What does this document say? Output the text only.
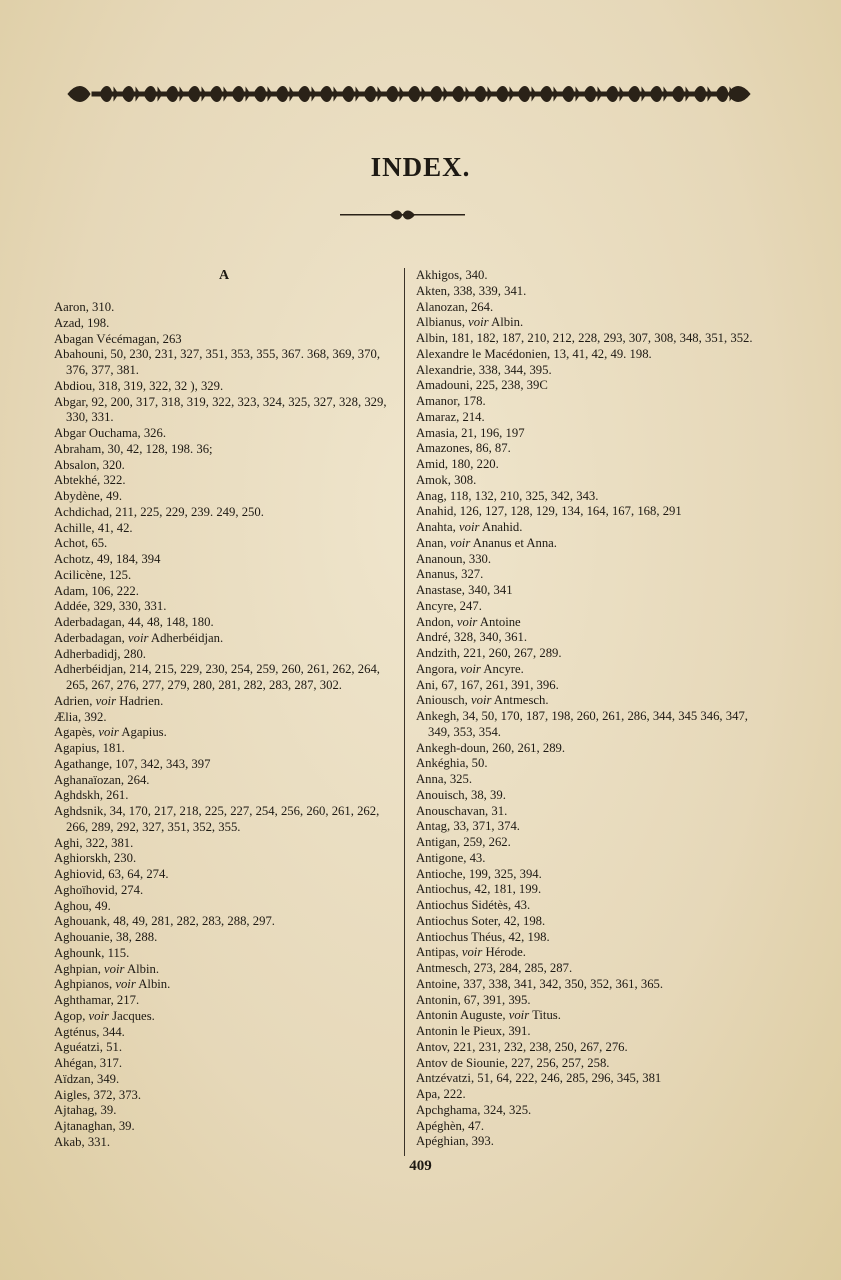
INDEX.
A
Aaron, 310.
Azad, 198.
Abagan Vécémagan, 263
Abahouni, 50, 230, 231, 327, 351, 353, 355, 367. 368, 369, 370, 376, 377, 381.
Abdiou, 318, 319, 322, 32 ), 329.
Abgar, 92, 200, 317, 318, 319, 322, 323, 324, 325, 327, 328, 329, 330, 331.
Abgar Ouchama, 326.
Abraham, 30, 42, 128, 198. 36;
Absalon, 320.
Abtekhé, 322.
Abydène, 49.
Achdichad, 211, 225, 229, 239. 249, 250.
Achille, 41, 42.
Achot, 65.
Achotz, 49, 184, 394
Acilicène, 125.
Adam, 106, 222.
Addée, 329, 330, 331.
Aderbadagan, 44, 48, 148, 180.
Aderbadagan, voir Adherbéidjan.
Adherbadidj, 280.
Adherbéidjan, 214, 215, 229, 230, 254, 259, 260, 261, 262, 264, 265, 267, 276, 277, 279, 280, 281, 282, 283, 287, 302.
Adrien, voir Hadrien.
Ælia, 392.
Agapès, voir Agapius.
Agapius, 181.
Agathange, 107, 342, 343, 397
Aghanaïozan, 264.
Aghdskh, 261.
Aghdsnik, 34, 170, 217, 218, 225, 227, 254, 256, 260, 261, 262, 266, 289, 292, 327, 351, 352, 355.
Aghi, 322, 381.
Aghiorskh, 230.
Aghiovid, 63, 64, 274.
Aghoïhovid, 274.
Aghou, 49.
Aghouank, 48, 49, 281, 282, 283, 288, 297.
Aghouanie, 38, 288.
Aghounk, 115.
Aghpian, voir Albin.
Aghpianos, voir Albin.
Aghthamar, 217.
Agop, voir Jacques.
Agténus, 344.
Aguéatzi, 51.
Ahégan, 317.
Aïdzan, 349.
Aigles, 372, 373.
Ajtahag, 39.
Ajtanaghan, 39.
Akab, 331.
Akhigos, 340.
Akten, 338, 339, 341.
Alanozan, 264.
Albianus, voir Albin.
Albin, 181, 182, 187, 210, 212, 228, 293, 307, 308, 348, 351, 352.
Alexandre le Macédonien, 13, 41, 42, 49. 198.
Alexandrie, 338, 344, 395.
Amadouni, 225, 238, 39C
Amanor, 178.
Amaraz, 214.
Amasia, 21, 196, 197
Amazones, 86, 87.
Amid, 180, 220.
Amok, 308.
Anag, 118, 132, 210, 325, 342, 343.
Anahid, 126, 127, 128, 129, 134, 164, 167, 168, 291
Anahta, voir Anahid.
Anan, voir Ananus et Anna.
Ananoun, 330.
Ananus, 327.
Anastase, 340, 341
Ancyre, 247.
Andon, voir Antoine
André, 328, 340, 361.
Andzith, 221, 260, 267, 289.
Angora, voir Ancyre.
Ani, 67, 167, 261, 391, 396.
Aniousch, voir Antmesch.
Ankegh, 34, 50, 170, 187, 198, 260, 261, 286, 344, 345 346, 347, 349, 353, 354.
Ankegh-doun, 260, 261, 289.
Ankéghia, 50.
Anna, 325.
Anouisch, 38, 39.
Anouschavan, 31.
Antag, 33, 371, 374.
Antigan, 259, 262.
Antigone, 43.
Antioche, 199, 325, 394.
Antiochus, 42, 181, 199.
Antiochus Sidétès, 43.
Antiochus Soter, 42, 198.
Antiochus Théus, 42, 198.
Antipas, voir Hérode.
Antmesch, 273, 284, 285, 287.
Antoine, 337, 338, 341, 342, 350, 352, 361, 365.
Antonin, 67, 391, 395.
Antonin Auguste, voir Titus.
Antonin le Pieux, 391.
Antov, 221, 231, 232, 238, 250, 267, 276.
Antov de Siounie, 227, 256, 257, 258.
Antzévatzi, 51, 64, 222, 246, 285, 296, 345, 381
Apa, 222.
Apchghama, 324, 325.
Apéghèn, 47.
Apéghian, 393.
409
